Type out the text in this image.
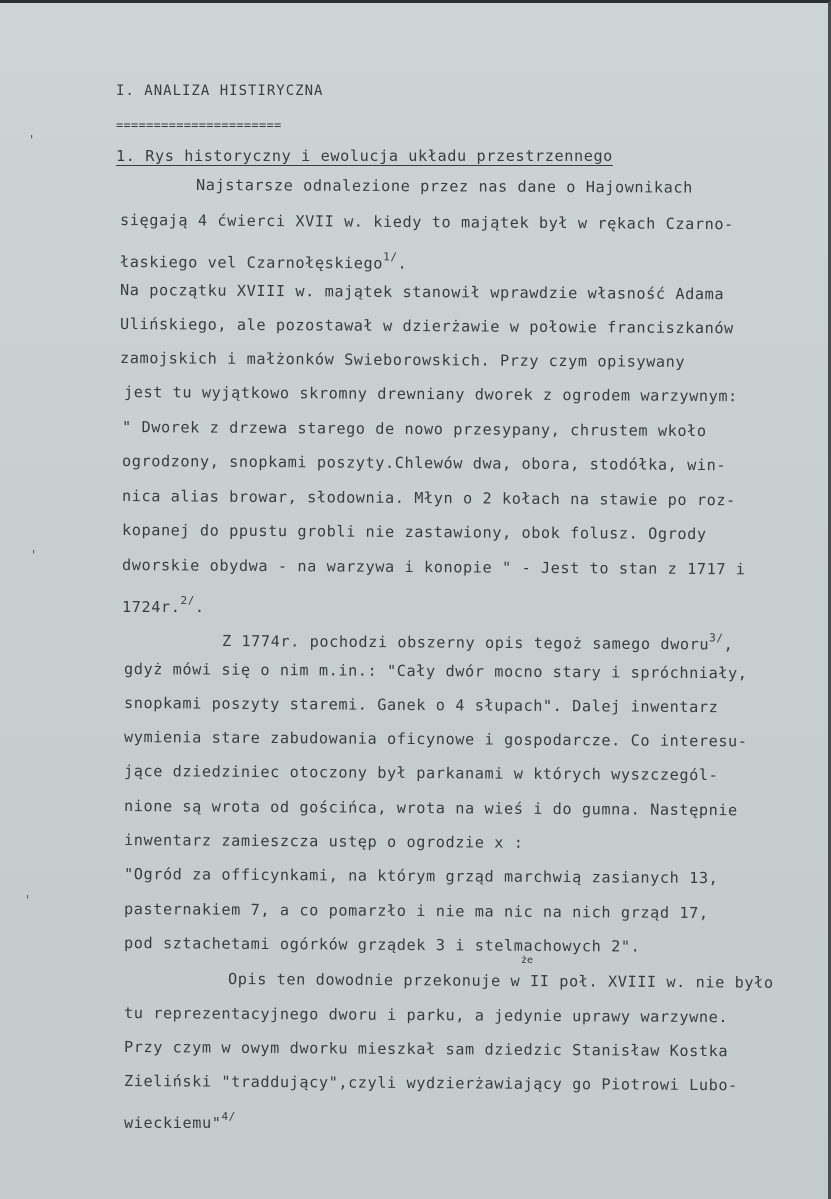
I. ANALIZA HISTIRYCZNA
======================
1. Rys historyczny i ewolucja układu przestrzennego
Najstarsze odnalezione przez nas dane o Hajownikach
sięgają 4 ćwierci XVII w. kiedy to majątek był w rękach Czarno-
łaskiego vel Czarnołęskiego$^{1/}$.
Na początku XVIII w. majątek stanowił wprawdzie własność Adama
Ulińskiego, ale pozostawał w dzierżawie w połowie franciszkanów
zamojskich i małżonków Swieborowskich. Przy czym opisywany
jest tu wyjątkowo skromny drewniany dworek z ogrodem warzywnym:
" Dworek z drzewa starego de nowo przesypany, chrustem wkoło
ogrodzony, snopkami poszyty.Chlewów dwa, obora, stodółka, win-
nica alias browar, słodownia. Młyn o 2 kołach na stawie po roz-
kopanej do ppustu grobli nie zastawiony, obok folusz. Ogrody
dworskie obydwa - na warzywa i konopie " - Jest to stan z 1717 i
1724r.$^{2/}$.
Z 1774r. pochodzi obszerny opis tegoż samego dworu$^{3/}$,
gdyż mówi się o nim m.in.: "Cały dwór mocno stary i spróchniały,
snopkami poszyty staremi. Ganek o 4 słupach". Dalej inwentarz
wymienia stare zabudowania oficynowe i gospodarcze. Co interesu-
jące dziedziniec otoczony był parkanami w których wyszczegól-
nione są wrota od gościńca, wrota na wieś i do gumna. Następnie
inwentarz zamieszcza ustęp o ogrodzie x :
"Ogród za officynkami, na którym grząd marchwią zasianych 13,
pasternakiem 7, a co pomarzło i nie ma nic na nich grząd 17,
pod sztachetami ogórków grządek 3 i stelmachowych 2".
że
Opis ten dowodnie przekonuje w II poł. XVIII w. nie było
tu reprezentacyjnego dworu i parku, a jedynie uprawy warzywne.
Przy czym w owym dworku mieszkał sam dziedzic Stanisław Kostka
Zieliński "traddujący",czyli wydzierżawiający go Piotrowi Lubo-
wieckiemu"$^{4/}$
'
'
'
